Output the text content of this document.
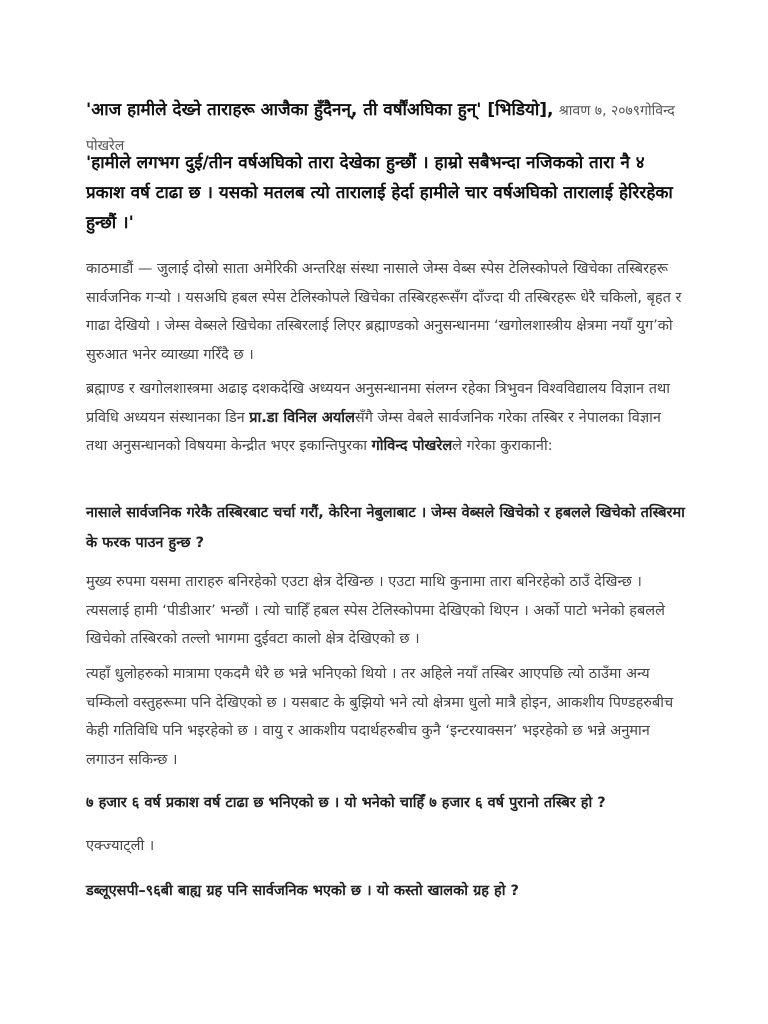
'आज हामीले देख्ने ताराहरू आजैका हुँदैनन्, ती वर्षौंअघिका हुन्' [भिडियो], श्रावण ७, २०७९गोविन्द पोखरेल
'हामीले लगभग दुई/तीन वर्षअघिको तारा देखेका हुन्छौं । हाम्रो सबैभन्दा नजिकको तारा नै ४ प्रकाश वर्ष टाढा छ । यसको मतलब त्यो तारालाई हेर्दा हामीले चार वर्षअघिको तारालाई हेरिरहेका हुन्छौं ।'
काठमाडौं — जुलाई दोस्रो साता अमेरिकी अन्तरिक्ष संस्था नासाले जेम्स वेब्स स्पेस टेलिस्कोपले खिचेका तस्बिरहरू सार्वजनिक गर्‍यो । यसअघि हबल स्पेस टेलिस्कोपले खिचेका तस्बिरहरूसँग दाँज्दा यी तस्बिरहरू धेरै चकिलो, बृहत र गाढा देखियो । जेम्स वेब्सले खिचेका तस्बिरलाई लिएर ब्रह्माण्डको अनुसन्धानमा ‘खगोलशास्त्रीय क्षेत्रमा नयाँ युग’को सुरुआत भनेर व्याख्या गरिँदै छ ।
ब्रह्माण्ड र खगोलशास्त्रमा अढाइ दशकदेखि अध्ययन अनुसन्धानमा संलग्न रहेका त्रिभुवन विश्वविद्यालय विज्ञान तथा प्रविधि अध्ययन संस्थानका डिन प्रा.डा विनिल अर्यालसँगै जेम्स वेबले सार्वजनिक गरेका तस्बिर र नेपालका विज्ञान तथा अनुसन्धानको विषयमा केन्द्रीत भएर इकान्तिपुरका गोविन्द पोखरेलले गरेका कुराकानी:
नासाले सार्वजनिक गरेकै तस्बिरबाट चर्चा गरौं, केरिना नेबुलाबाट । जेम्स वेब्सले खिचेको र हबलले खिचेको तस्बिरमा के फरक पाउन हुन्छ ?
मुख्य रुपमा यसमा ताराहरु बनिरहेको एउटा क्षेत्र देखिन्छ । एउटा माथि कुनामा तारा बनिरहेको ठाउँ देखिन्छ । त्यसलाई हामी ‘पीडीआर’ भन्छौं । त्यो चाहिँ हबल स्पेस टेलिस्कोपमा देखिएको थिएन । अर्को पाटो भनेको हबलले खिचेको तस्बिरको तल्लो भागमा दुईवटा कालो क्षेत्र देखिएको छ ।
त्यहाँ धुलोहरुको मात्रामा एकदमै धेरै छ भन्ने भनिएको थियो । तर अहिले नयाँ तस्बिर आएपछि त्यो ठाउँमा अन्य चम्किलो वस्तुहरूमा पनि देखिएको छ । यसबाट के बुझियो भने त्यो क्षेत्रमा धुलो मात्रै होइन, आकशीय पिण्डहरुबीच केही गतिविधि पनि भइरहेको छ । वायु र आकशीय पदार्थहरुबीच कुनै ‘इन्टरयाक्सन’ भइरहेको छ भन्ने अनुमान लगाउन सकिन्छ ।
७ हजार ६ वर्ष प्रकाश वर्ष टाढा छ भनिएको छ । यो भनेको चाहिँ ७ हजार ६ वर्ष पुरानो तस्बिर हो ?
एक्ज्याट्ली ।
डब्लूएसपी–९६बी बाह्य ग्रह पनि सार्वजनिक भएको छ । यो कस्तो खालको ग्रह हो ?
